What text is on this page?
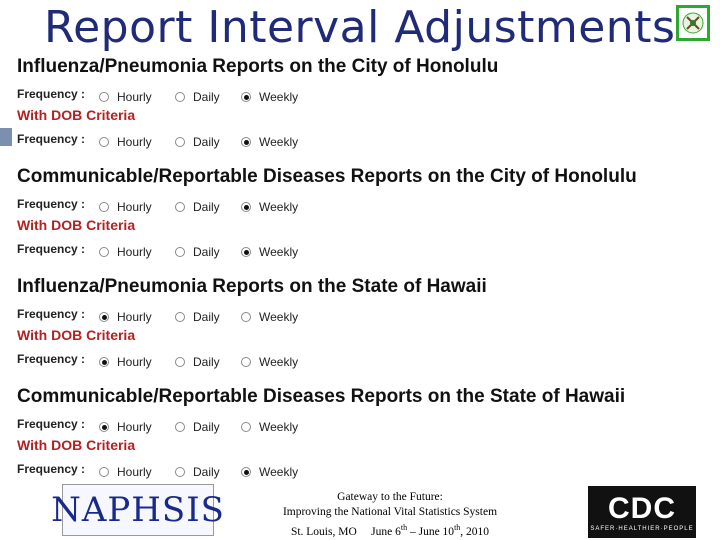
Report Interval Adjustments
Influenza/Pneumonia Reports on the City of Honolulu
Frequency :	Hourly	Daily	Weekly
With DOB Criteria
Frequency :	Hourly	Daily	Weekly
Communicable/Reportable Diseases Reports on the City of Honolulu
Frequency :	Hourly	Daily	Weekly
With DOB Criteria
Frequency :	Hourly	Daily	Weekly
Influenza/Pneumonia Reports on the State of Hawaii
Frequency :	Hourly	Daily	Weekly
With DOB Criteria
Frequency :	Hourly	Daily	Weekly
Communicable/Reportable Diseases Reports on the State of Hawaii
Frequency :	Hourly	Daily	Weekly
With DOB Criteria
Frequency :	Hourly	Daily	Weekly
NAPHSIS	Gateway to the Future:
Improving the National Vital Statistics System
St. Louis, MO June 6th – June 10th, 2010
CDC
SAFER·HEALTHIER·PEOPLE
